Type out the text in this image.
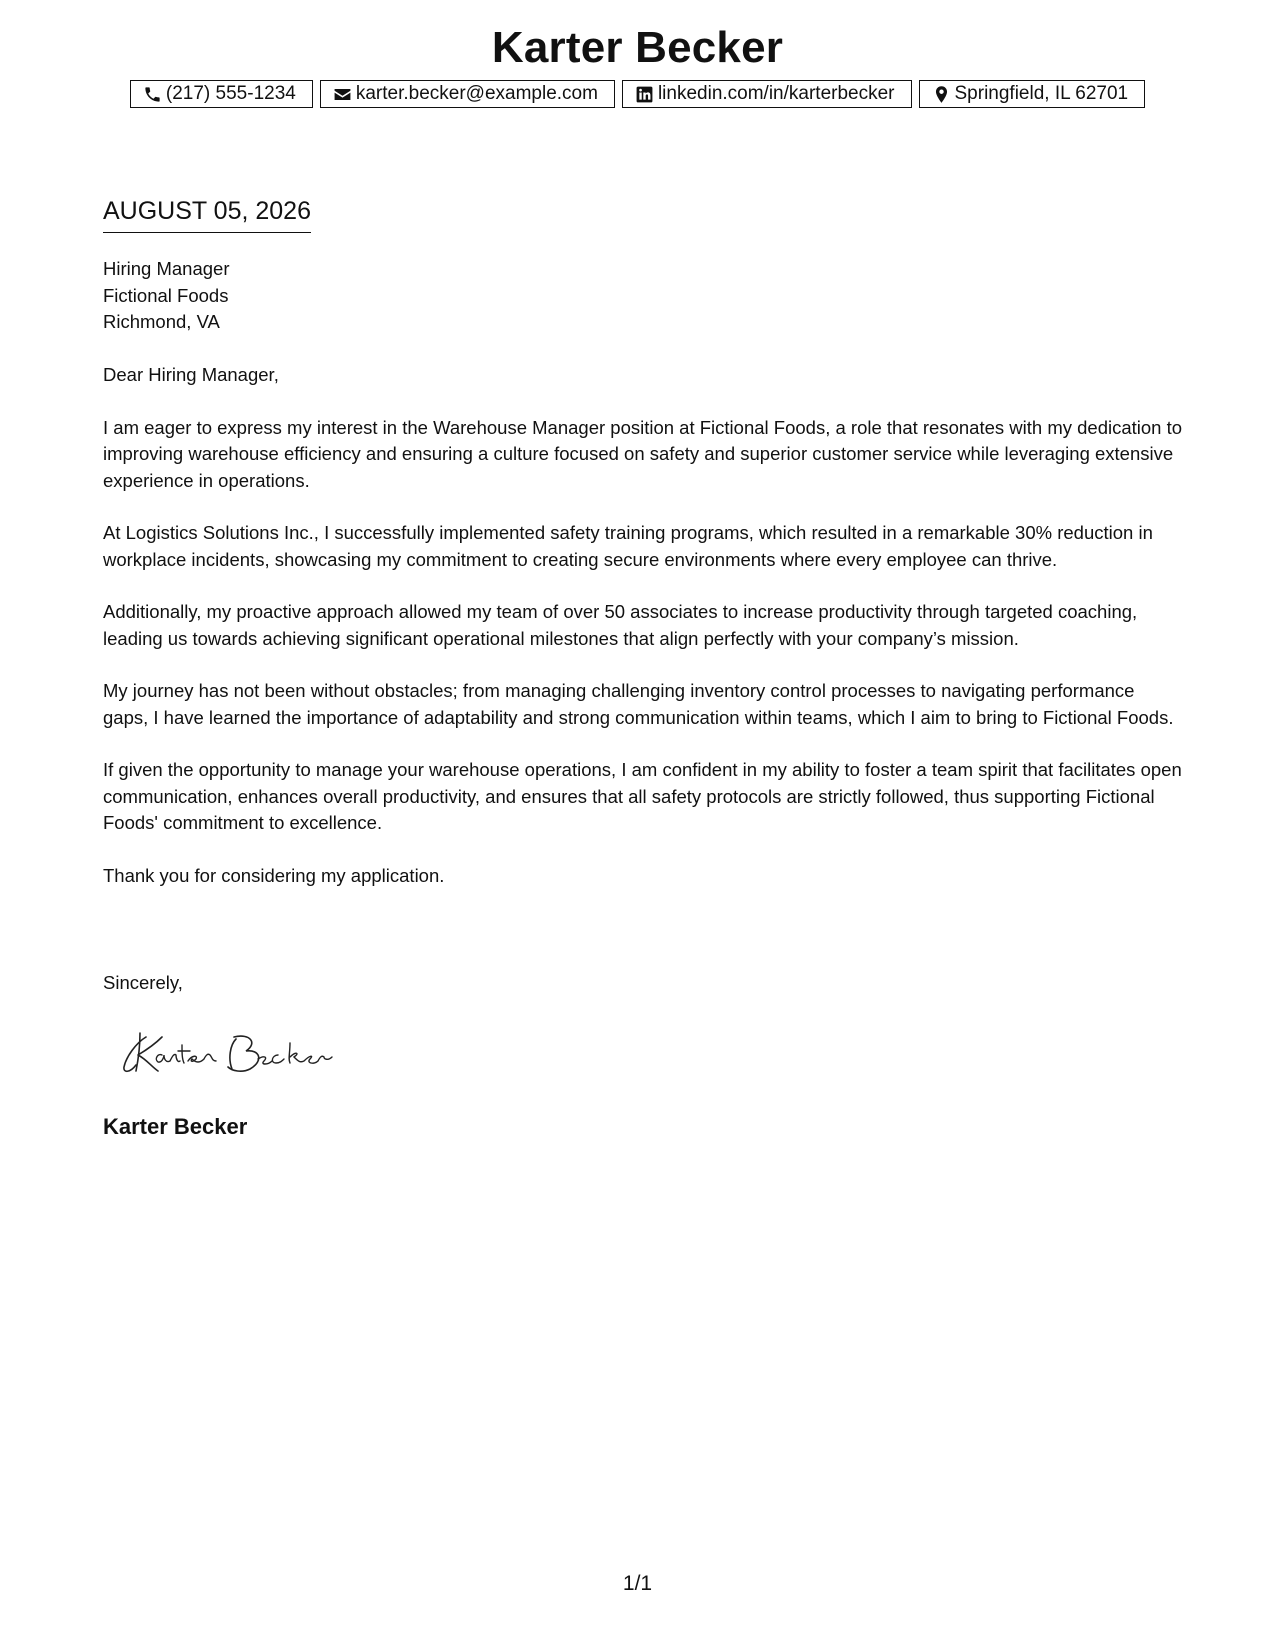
Karter Becker
(217) 555-1234	karter.becker@example.com	linkedin.com/in/karterbecker	Springfield, IL 62701
AUGUST 05, 2026
Hiring Manager
Fictional Foods
Richmond, VA

Dear Hiring Manager,

I am eager to express my interest in the Warehouse Manager position at Fictional Foods, a role that resonates with my dedication to improving warehouse efficiency and ensuring a culture focused on safety and superior customer service while leveraging extensive experience in operations.

At Logistics Solutions Inc., I successfully implemented safety training programs, which resulted in a remarkable 30% reduction in workplace incidents, showcasing my commitment to creating secure environments where every employee can thrive.

Additionally, my proactive approach allowed my team of over 50 associates to increase productivity through targeted coaching, leading us towards achieving significant operational milestones that align perfectly with your company’s mission.

My journey has not been without obstacles; from managing challenging inventory control processes to navigating performance gaps, I have learned the importance of adaptability and strong communication within teams, which I aim to bring to Fictional Foods.

If given the opportunity to manage your warehouse operations, I am confident in my ability to foster a team spirit that facilitates open communication, enhances overall productivity, and ensures that all safety protocols are strictly followed, thus supporting Fictional Foods' commitment to excellence.

Thank you for considering my application.

Sincerely,
Karter Becker
1/1
